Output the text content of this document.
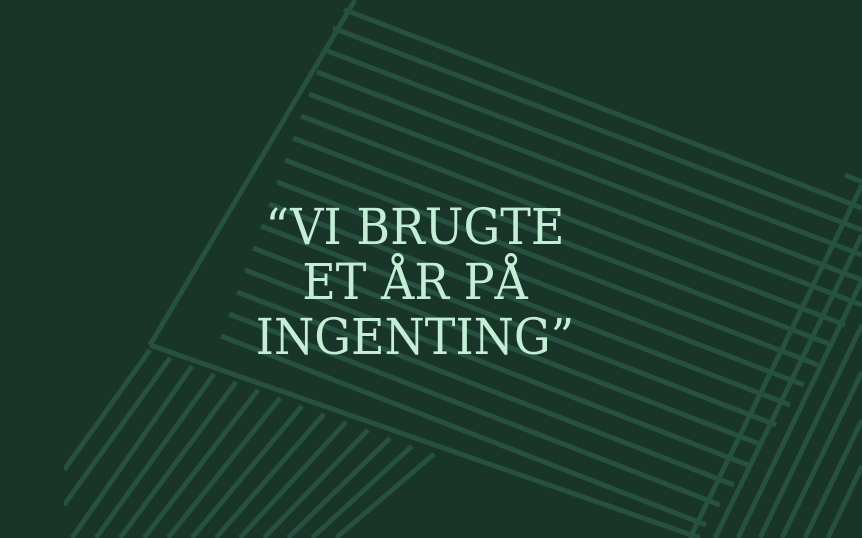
“VI BRUGTE
ET ÅR PÅ
INGENTING”
